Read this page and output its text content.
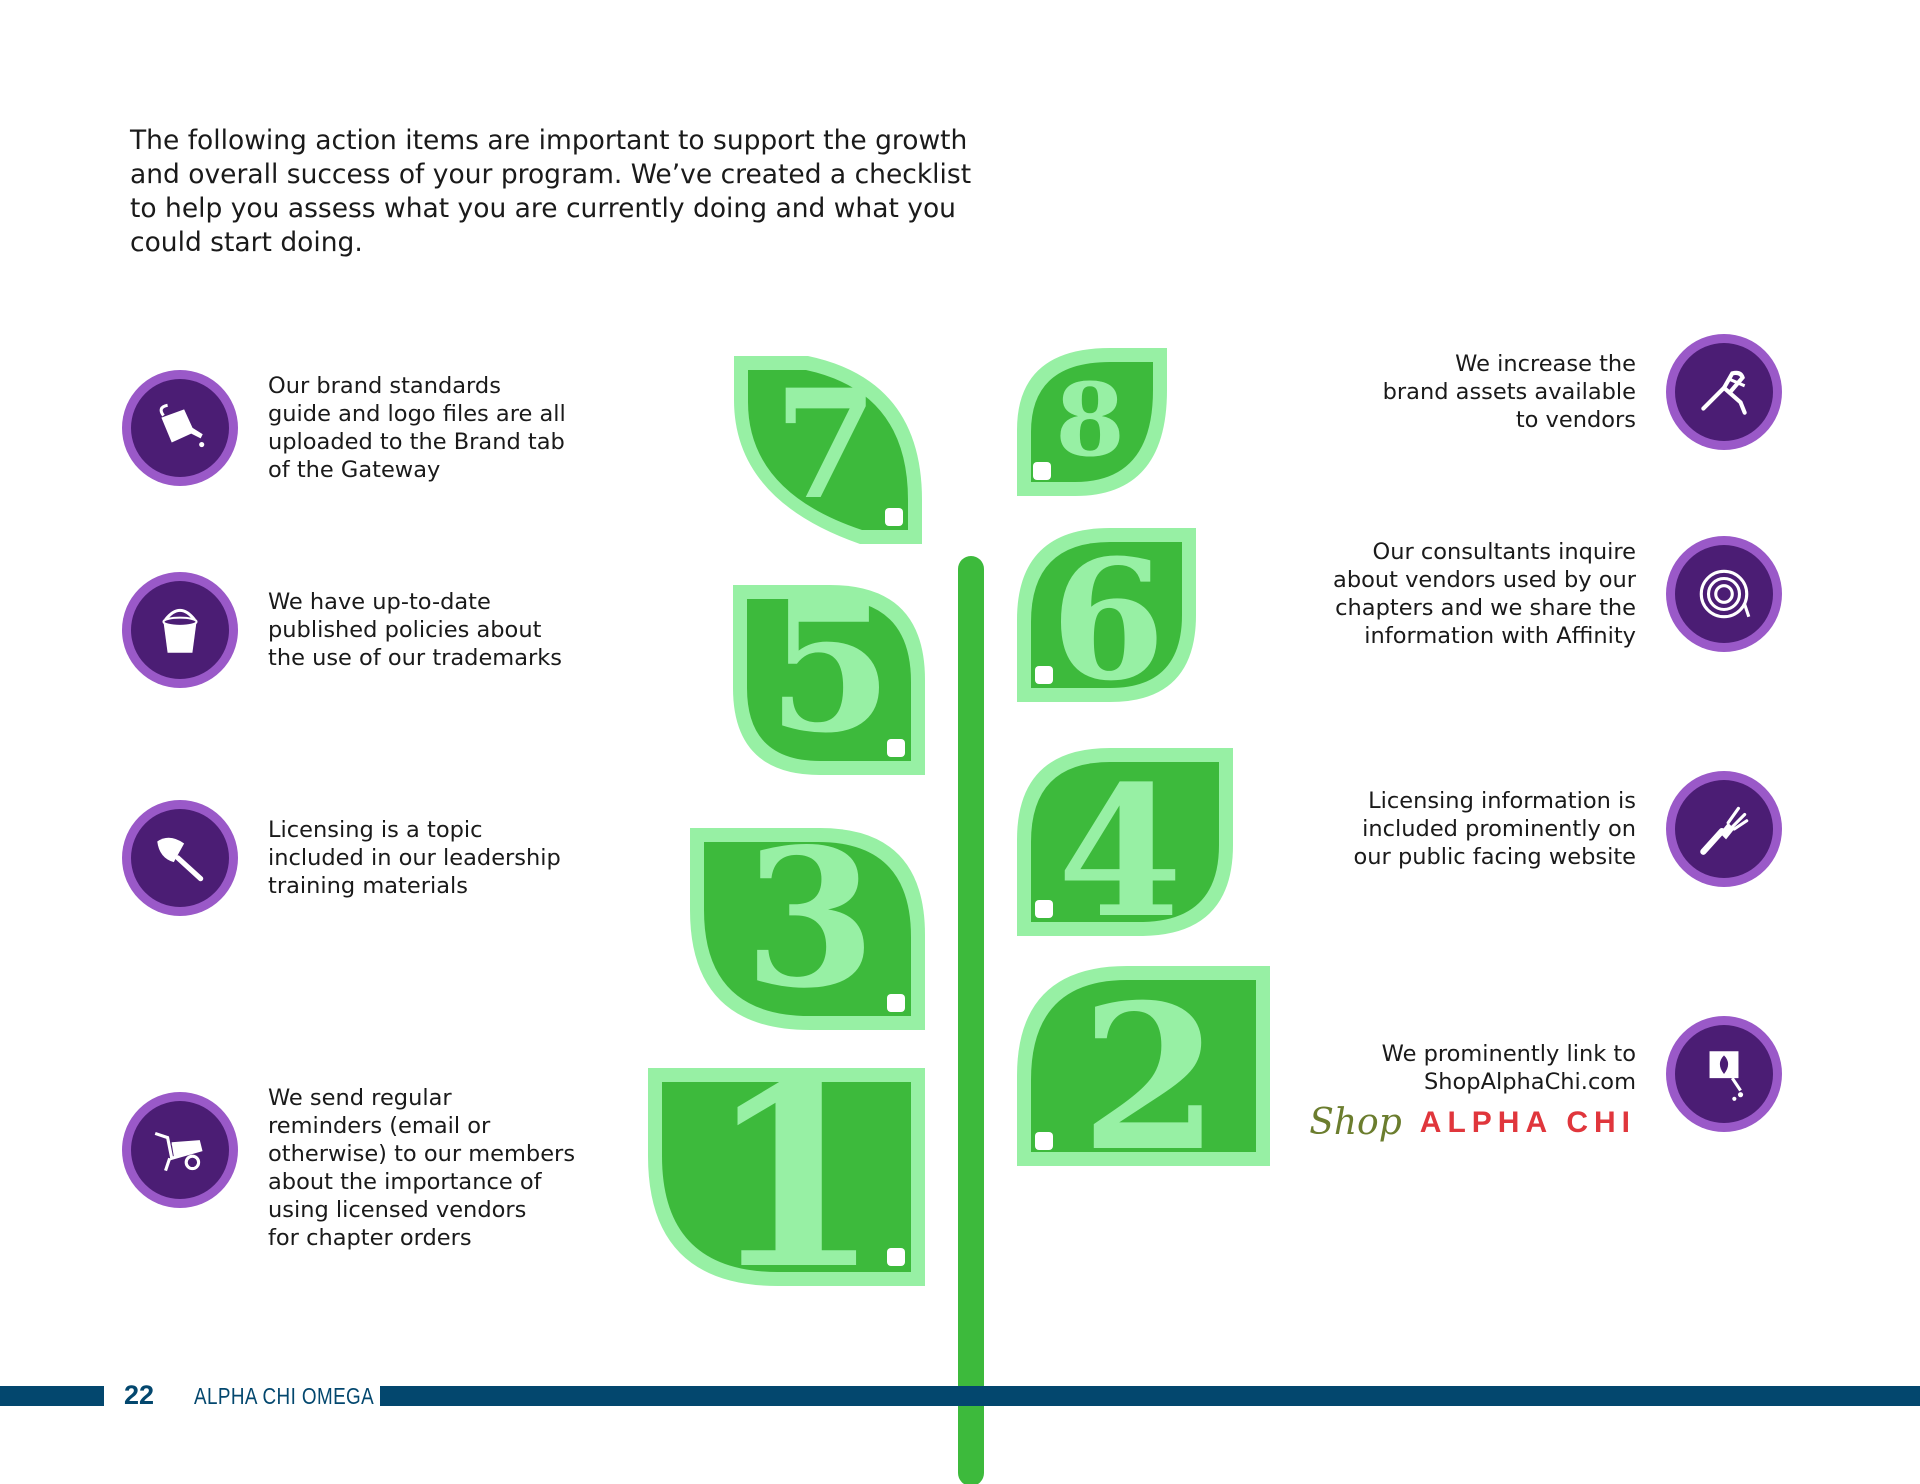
The following action items are important to support the growth and overall success of your program. We’ve created a checklist to help you assess what you are currently doing and what you could start doing.

1 2
3 4
5 6
7 8
Our brand standards
guide and logo files are all
uploaded to the Brand tab
of the Gateway
We have up-to-date
published policies about
the use of our trademarks
Licensing is a topic
included in our leadership
training materials
We send regular
reminders (email or
otherwise) to our members
about the importance of
using licensed vendors
for chapter orders
We increase the
brand assets available
to vendors
Our consultants inquire
about vendors used by our
chapters and we share the
information with Affinity
Licensing information is
included prominently on
our public facing website
We prominently link to
ShopAlphaChi.com
Shop ALPHA CHI
22 ALPHA CHI OMEGA
